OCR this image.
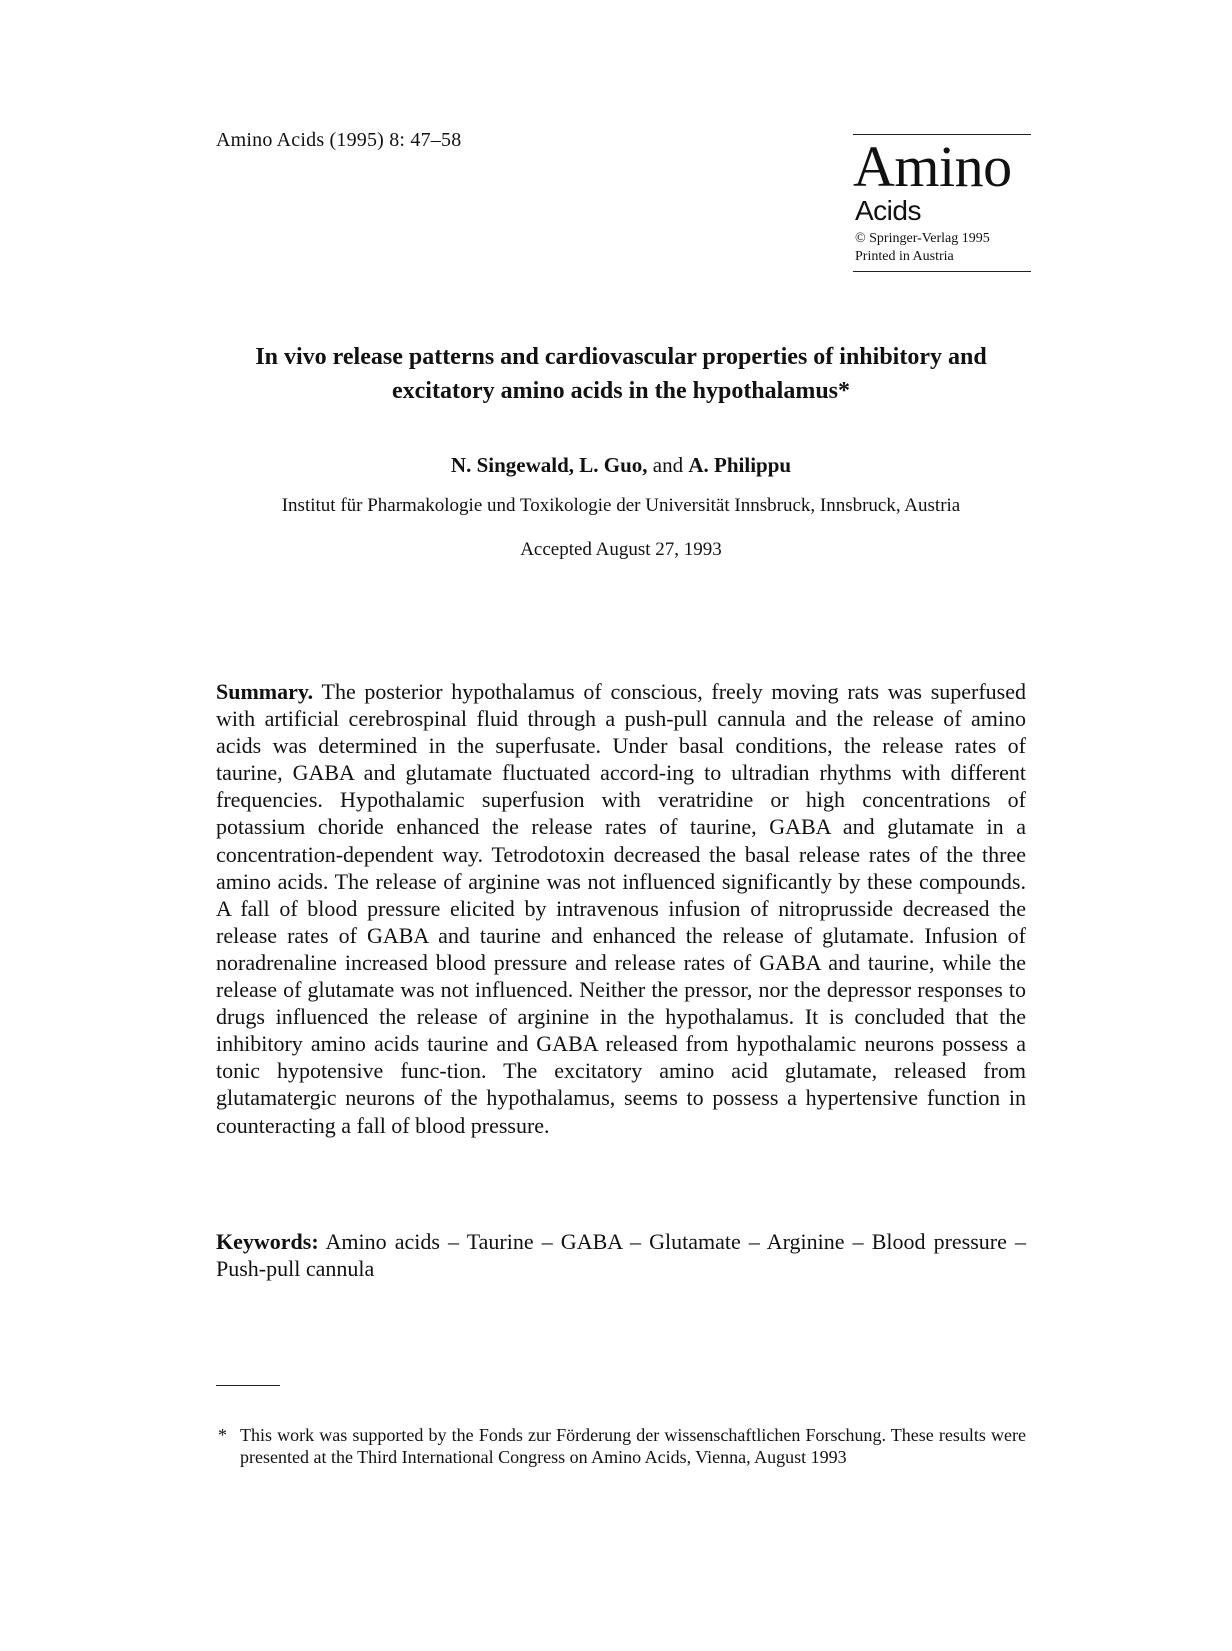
Amino Acids (1995) 8: 47–58	Amino
Acids
© Springer-Verlag 1995
Printed in Austria
In vivo release patterns and cardiovascular properties of inhibitory and excitatory amino acids in the hypothalamus*
N. Singewald, L. Guo, and A. Philippu
Institut für Pharmakologie und Toxikologie der Universität Innsbruck, Innsbruck, Austria
Accepted August 27, 1993
Summary. The posterior hypothalamus of conscious, freely moving rats was superfused with artificial cerebrospinal fluid through a push-pull cannula and the release of amino acids was determined in the superfusate. Under basal conditions, the release rates of taurine, GABA and glutamate fluctuated accord-ing to ultradian rhythms with different frequencies. Hypothalamic superfusion with veratridine or high concentrations of potassium choride enhanced the release rates of taurine, GABA and glutamate in a concentration-dependent way. Tetrodotoxin decreased the basal release rates of the three amino acids. The release of arginine was not influenced significantly by these compounds. A fall of blood pressure elicited by intravenous infusion of nitroprusside decreased the release rates of GABA and taurine and enhanced the release of glutamate. Infusion of noradrenaline increased blood pressure and release rates of GABA and taurine, while the release of glutamate was not influenced. Neither the pressor, nor the depressor responses to drugs influenced the release of arginine in the hypothalamus. It is concluded that the inhibitory amino acids taurine and GABA released from hypothalamic neurons possess a tonic hypotensive func-tion. The excitatory amino acid glutamate, released from glutamatergic neurons of the hypothalamus, seems to possess a hypertensive function in counteracting a fall of blood pressure.
Keywords: Amino acids – Taurine – GABA – Glutamate – Arginine – Blood pressure – Push-pull cannula
* This work was supported by the Fonds zur Förderung der wissenschaftlichen Forschung. These results were presented at the Third International Congress on Amino Acids, Vienna, August 1993
